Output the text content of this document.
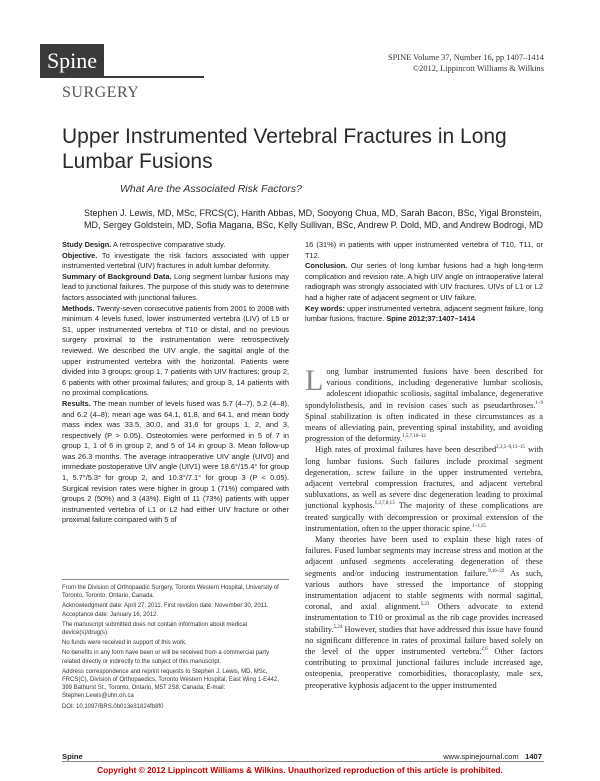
Spine
SURGERY
SPINE Volume 37, Number 16, pp 1407–1414
©2012, Lippincott Williams & Wilkins
Upper Instrumented Vertebral Fractures in Long Lumbar Fusions
What Are the Associated Risk Factors?
Stephen J. Lewis, MD, MSc, FRCS(C), Harith Abbas, MD, Sooyong Chua, MD, Sarah Bacon, BSc, Yigal Bronstein, MD, Sergey Goldstein, MD, Sofia Magana, BSc, Kelly Sullivan, BSc, Andrew P. Dold, MD, and Andrew Bodrogi, MD

Study Design. A retrospective comparative study.

Objective. To investigate the risk factors associated with upper instrumented vertebral (UIV) fractures in adult lumbar deformity.

Summary of Background Data. Long segment lumbar fusions may lead to junctional failures. The purpose of this study was to determine factors associated with junctional failures.

Methods. Twenty-seven consecutive patients from 2001 to 2008 with minimum 4 levels fused, lower instrumented vertebra (LIV) of L5 or S1, upper instrumented vertebra of T10 or distal, and no previous surgery proximal to the instrumentation were retrospectively reviewed. We described the UIV angle, the sagittal angle of the upper instrumented vertebra with the horizontal. Patients were divided into 3 groups: group 1, 7 patients with UIV fractures; group 2, 6 patients with other proximal failures; and group 3, 14 patients with no proximal complications.

Results. The mean number of levels fused was 5.7 (4–7), 5.2 (4–8), and 6.2 (4–8); mean age was 64.1, 61.8, and 64.1, and mean body mass index was 33.5, 30.0, and 31.6 for groups 1, 2, and 3, respectively (P > 0.05). Osteotomies were performed in 5 of 7 in group 1, 1 of 6 in group 2, and 5 of 14 in group 3. Mean follow-up was 26.3 months. The average intraoperative UIV angle (UIV0) and immediate postoperative UIV angle (UIV1) were 18.6°/15.4° for group 1, 5.7°/5.3° for group 2, and 10.3°/7.1° for group 3 (P < 0.05). Surgical revision rates were higher in group 1 (71%) compared with groups 2 (50%) and 3 (43%). Eight of 11 (73%) patients with upper instrumented vertebra of L1 or L2 had either UIV fracture or other proximal failure compared with 5 of

16 (31%) in patients with upper instrumented vertebra of T10, T11, or T12.

Conclusion. Our series of long lumbar fusions had a high long-term complication and revision rate. A high UIV angle on intraoperative lateral radiograph was strongly associated with UIV fractures. UIVs of L1 or L2 had a higher rate of adjacent segment or UIV failure.

Key words: upper instrumented vertebra, adjacent segment failure, long lumbar fusions, fracture. Spine 2012;37:1407–1414

Long lumbar instrumented fusions have been described for various conditions, including degenerative lumbar scoliosis, adolescent idiopathic scoliosis, sagittal imbalance, degenerative spondylolisthesis, and in revision cases such as pseudarthroses.$^{1-9}$ Spinal stabilization is often indicated in these circumstances as a means of alleviating pain, preventing spinal instability, and avoiding progression of the deformity.$^{1,5,7,10-12}$

High rates of proximal failures have been described$^{2,3,5-9,13-15}$ with long lumbar fusions. Such failures include proximal segment degeneration, screw failure in the upper instrumented vertebra, adjacent vertebral compression fractures, and adjacent vertebral subluxations, as well as severe disc degeneration leading to proximal junctional kyphosis.$^{1,3,7,8,13}$ The majority of these complications are treated surgically with decompression or proximal extension of the instrumentation, often to the upper thoracic spine.$^{1-3,15}$

Many theories have been used to explain these high rates of failures. Fused lumbar segments may increase stress and motion at the adjacent unfused segments accelerating degeneration of these segments and/or inducing instrumentation failure.$^{9,16-22}$ As such, various authors have stressed the importance of stopping instrumentation adjacent to stable segments with normal sagittal, coronal, and axial alignment.$^{5,23}$ Others advocate to extend instrumentation to T10 or proximal as the rib cage provides increased stability.$^{5,24}$ However, studies that have addressed this issue have found no significant difference in rates of proximal failure based solely on the level of the upper instrumented vertebra.$^{2,6}$ Other factors contributing to proximal junctional failures include increased age, osteopenia, preoperative comorbidities, thoracoplasty, male sex, preoperative kyphosis adjacent to the upper instrumented

From the Division of Orthopaedic Surgery, Toronto Western Hospital, University of Toronto, Toronto, Ontario, Canada.

Acknowledgment date: April 27, 2011. First revision date: November 30, 2011. Acceptance date: January 16, 2012.

The manuscript submitted does not contain information about medical device(s)/drug(s).

No funds were received in support of this work.

No benefits in any form have been or will be received from a commercial party related directly or indirectly to the subject of this manuscript.

Address correspondence and reprint requests to Stephen J. Lewis, MD, MSc, FRCS(C), Division of Orthopaedics, Toronto Western Hospital, East Wing 1-E442, 399 Bathurst St., Toronto, Ontario, M5T 2S8, Canada; E-mail: Stephen.Lewis@uhn.on.ca

DOI: 10.1097/BRS.0b013e31824fb8f0

Spine	www.spinejournal.com 1407
Copyright © 2012 Lippincott Williams & Wilkins. Unauthorized reproduction of this article is prohibited.
